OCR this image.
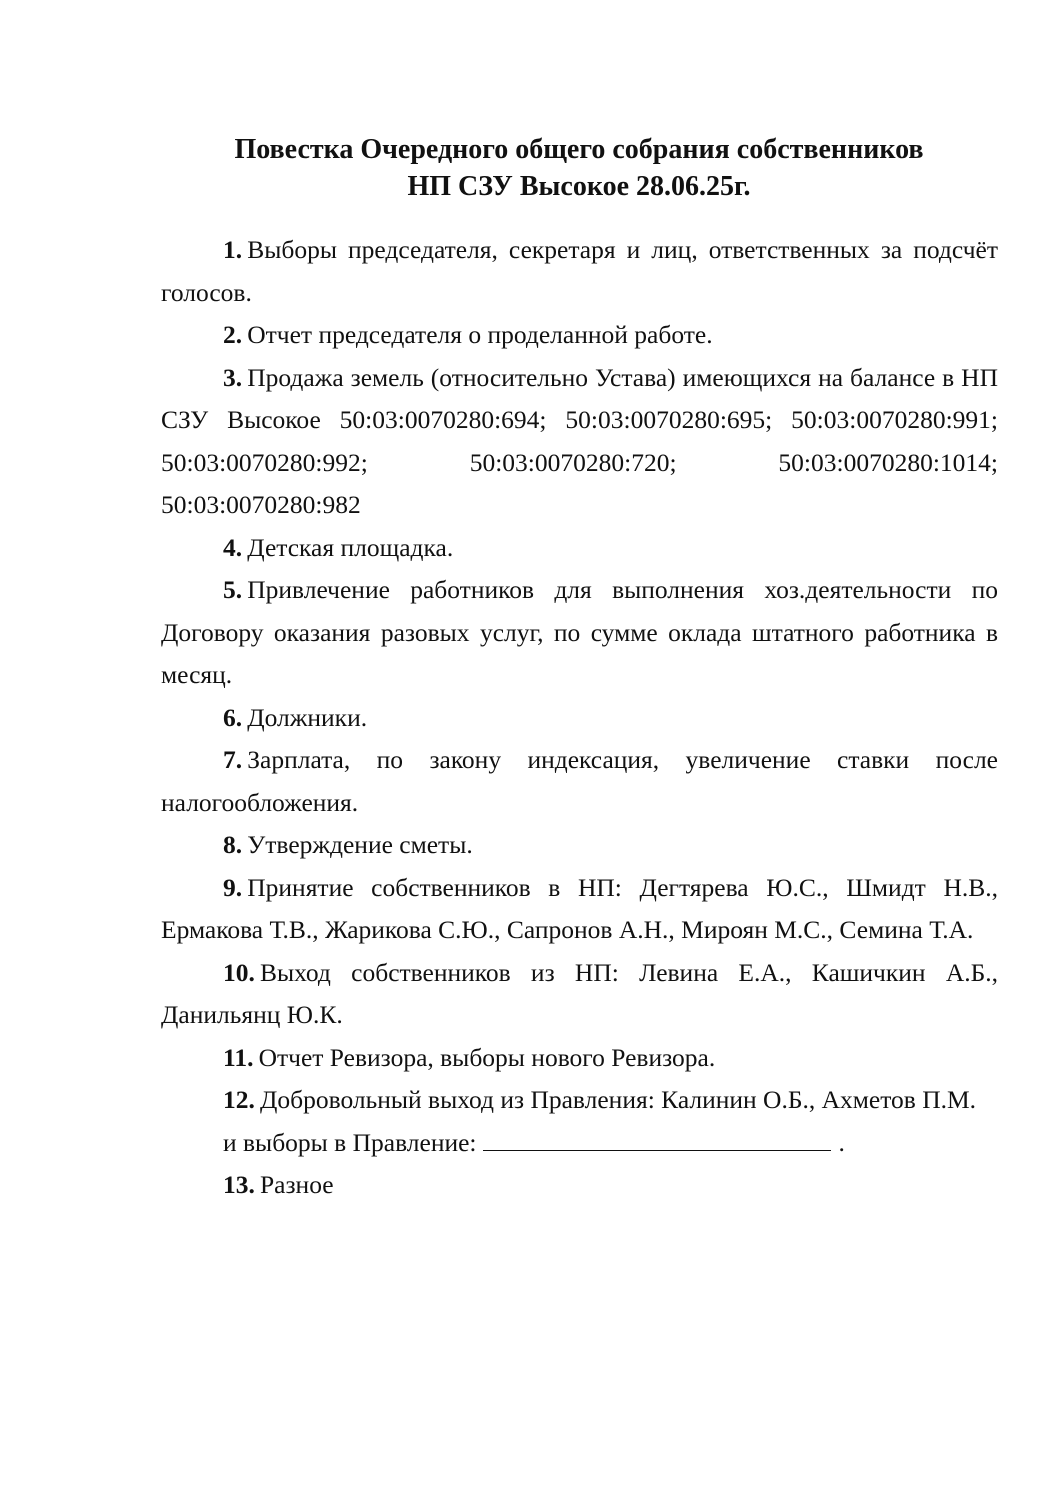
Повестка Очередного общего собрания собственников
НП СЗУ Высокое 28.06.25г.

1.  Выборы председателя, секретаря и лиц, ответственных за подсчёт голосов.

2.  Отчет председателя о проделанной работе.

3.  Продажа земель (относительно Устава) имеющихся на балансе в НП СЗУ Высокое 50:03:0070280:694; 50:03:0070280:695; 50:03:0070280:991; 50:03:0070280:992; 50:03:0070280:720; 50:03:0070280:1014; 50:03:0070280:982

4.  Детская площадка.

5.  Привлечение работников для выполнения хоз.деятельности по Договору оказания разовых услуг, по сумме оклада штатного работника в месяц.

6.  Должники.

7.  Зарплата, по закону индексация, увеличение ставки после налогообложения.

8.  Утверждение сметы.

9.  Принятие собственников в НП: Дегтярева Ю.С., Шмидт Н.В., Ермакова Т.В., Жарикова С.Ю., Сапронов А.Н., Мироян М.С., Семина Т.А.

10.  Выход собственников из НП: Левина Е.А., Кашичкин А.Б., Данильянц Ю.К.

11.  Отчет Ревизора, выборы нового Ревизора.

12.  Добровольный выход из Правления: Калинин О.Б., Ахметов П.М.

и выборы в Правление:	.

13.  Разное
